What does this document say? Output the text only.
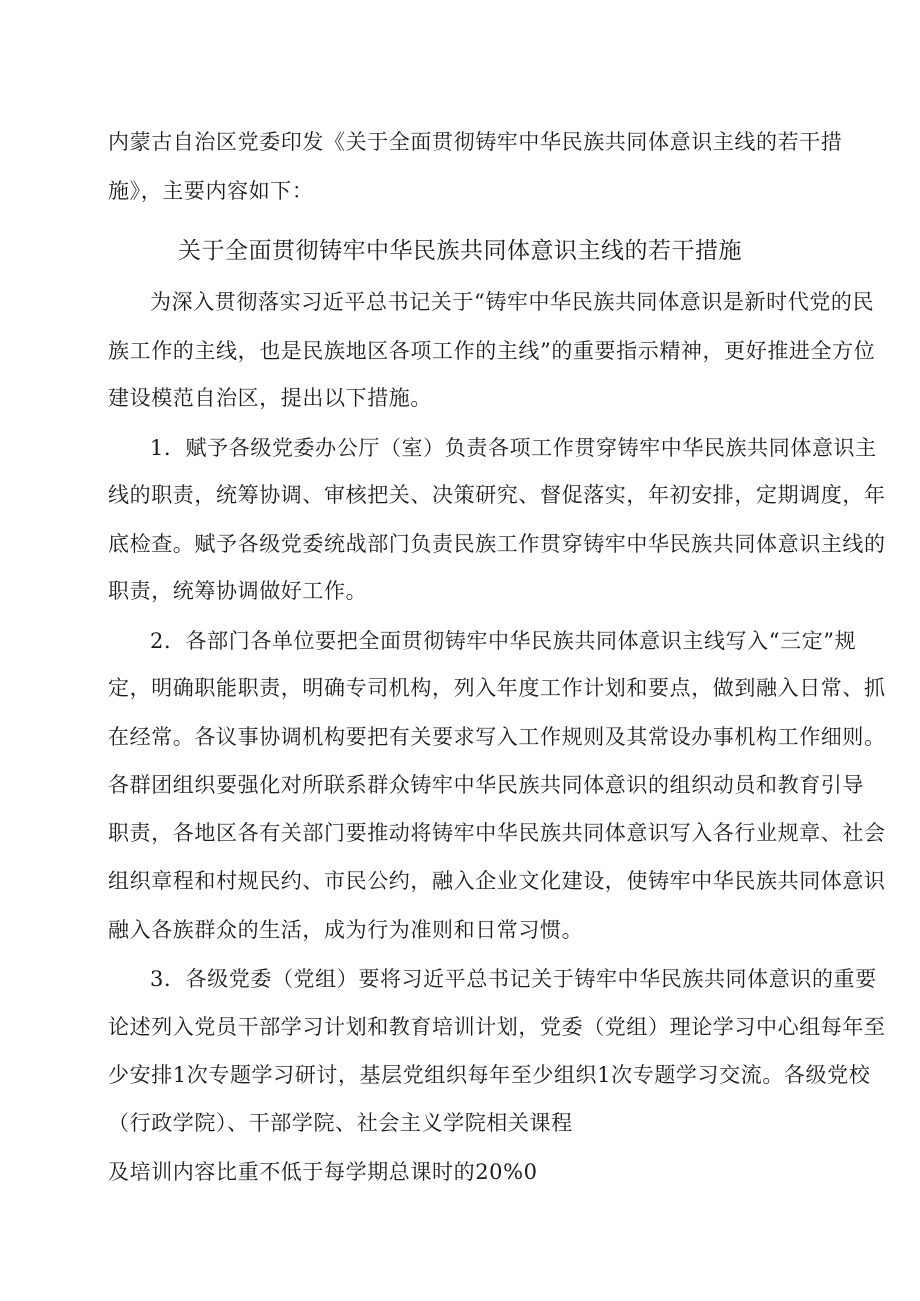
内蒙古自治区党委印发《关于全面贯彻铸牢中华民族共同体意识主线的若干措
施》，主要内容如下：
关于全面贯彻铸牢中华民族共同体意识主线的若干措施
为深入贯彻落实习近平总书记关于“铸牢中华民族共同体意识是新时代党的民
族工作的主线，也是民族地区各项工作的主线”的重要指示精神，更好推进全方位
建设模范自治区，提出以下措施。
1．赋予各级党委办公厅（室）负责各项工作贯穿铸牢中华民族共同体意识主
线的职责，统筹协调、审核把关、决策研究、督促落实，年初安排，定期调度，年
底检查。赋予各级党委统战部门负责民族工作贯穿铸牢中华民族共同体意识主线的
职责，统筹协调做好工作。
2．各部门各单位要把全面贯彻铸牢中华民族共同体意识主线写入“三定”规
定，明确职能职责，明确专司机构，列入年度工作计划和要点，做到融入日常、抓
在经常。各议事协调机构要把有关要求写入工作规则及其常设办事机构工作细则。
各群团组织要强化对所联系群众铸牢中华民族共同体意识的组织动员和教育引导
职责，各地区各有关部门要推动将铸牢中华民族共同体意识写入各行业规章、社会
组织章程和村规民约、市民公约，融入企业文化建设，使铸牢中华民族共同体意识
融入各族群众的生活，成为行为准则和日常习惯。
3．各级党委（党组）要将习近平总书记关于铸牢中华民族共同体意识的重要
论述列入党员干部学习计划和教育培训计划，党委（党组）理论学习中心组每年至
少安排1次专题学习研讨，基层党组织每年至少组织1次专题学习交流。各级党校
（行政学院）、干部学院、社会主义学院相关课程
及培训内容比重不低于每学期总课时的20%0
